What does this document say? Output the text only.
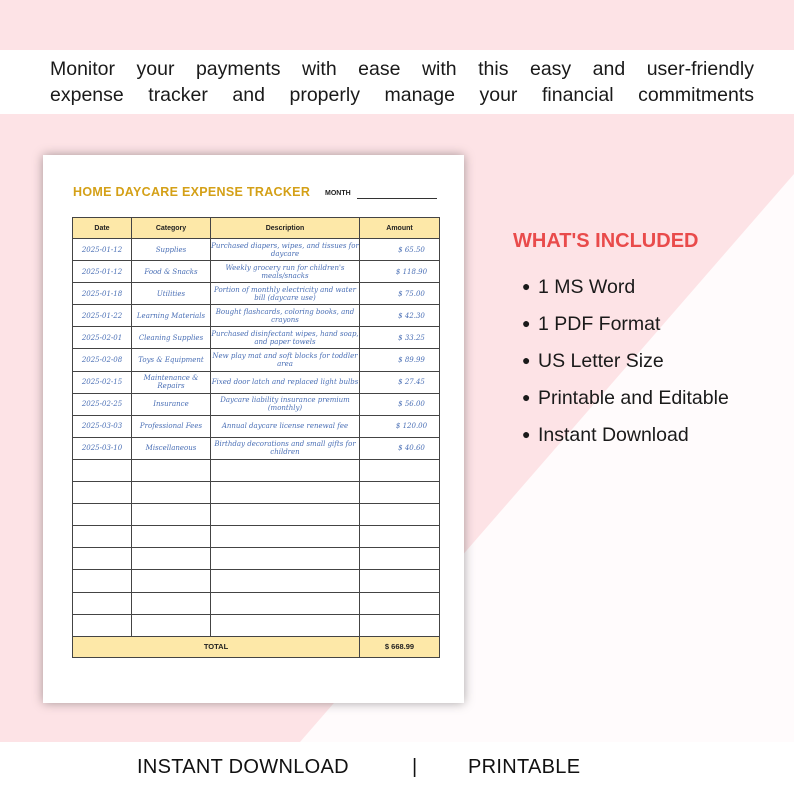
Monitor your payments with ease with this easy and user-friendly
expense tracker and properly manage your financial commitments
HOME DAYCARE EXPENSE TRACKER MONTH
Date	Category	Description	Amount
2025-01-12	Supplies	Purchased diapers, wipes, and tissues for daycare	$ 65.50
2025-01-12	Food & Snacks	Weekly grocery run for children's meals/snacks	$ 118.90
2025-01-18	Utilities	Portion of monthly electricity and water bill (daycare use)	$ 75.00
2025-01-22	Learning Materials	Bought flashcards, coloring books, and crayons	$ 42.30
2025-02-01	Cleaning Supplies	Purchased disinfectant wipes, hand soap, and paper towels	$ 33.25
2025-02-08	Toys & Equipment	New play mat and soft blocks for toddler area	$ 89.99
2025-02-15	Maintenance & Repairs	Fixed door latch and replaced light bulbs	$ 27.45
2025-02-25	Insurance	Daycare liability insurance premium (monthly)	$ 56.00
2025-03-03	Professional Fees	Annual daycare license renewal fee	$ 120.00
2025-03-10	Miscellaneous	Birthday decorations and small gifts for children	$ 40.60

TOTAL			$ 668.99
WHAT'S INCLUDED
● 1 MS Word
● 1 PDF Format
● US Letter Size
● Printable and Editable
● Instant Download
INSTANT DOWNLOAD	|	PRINTABLE
